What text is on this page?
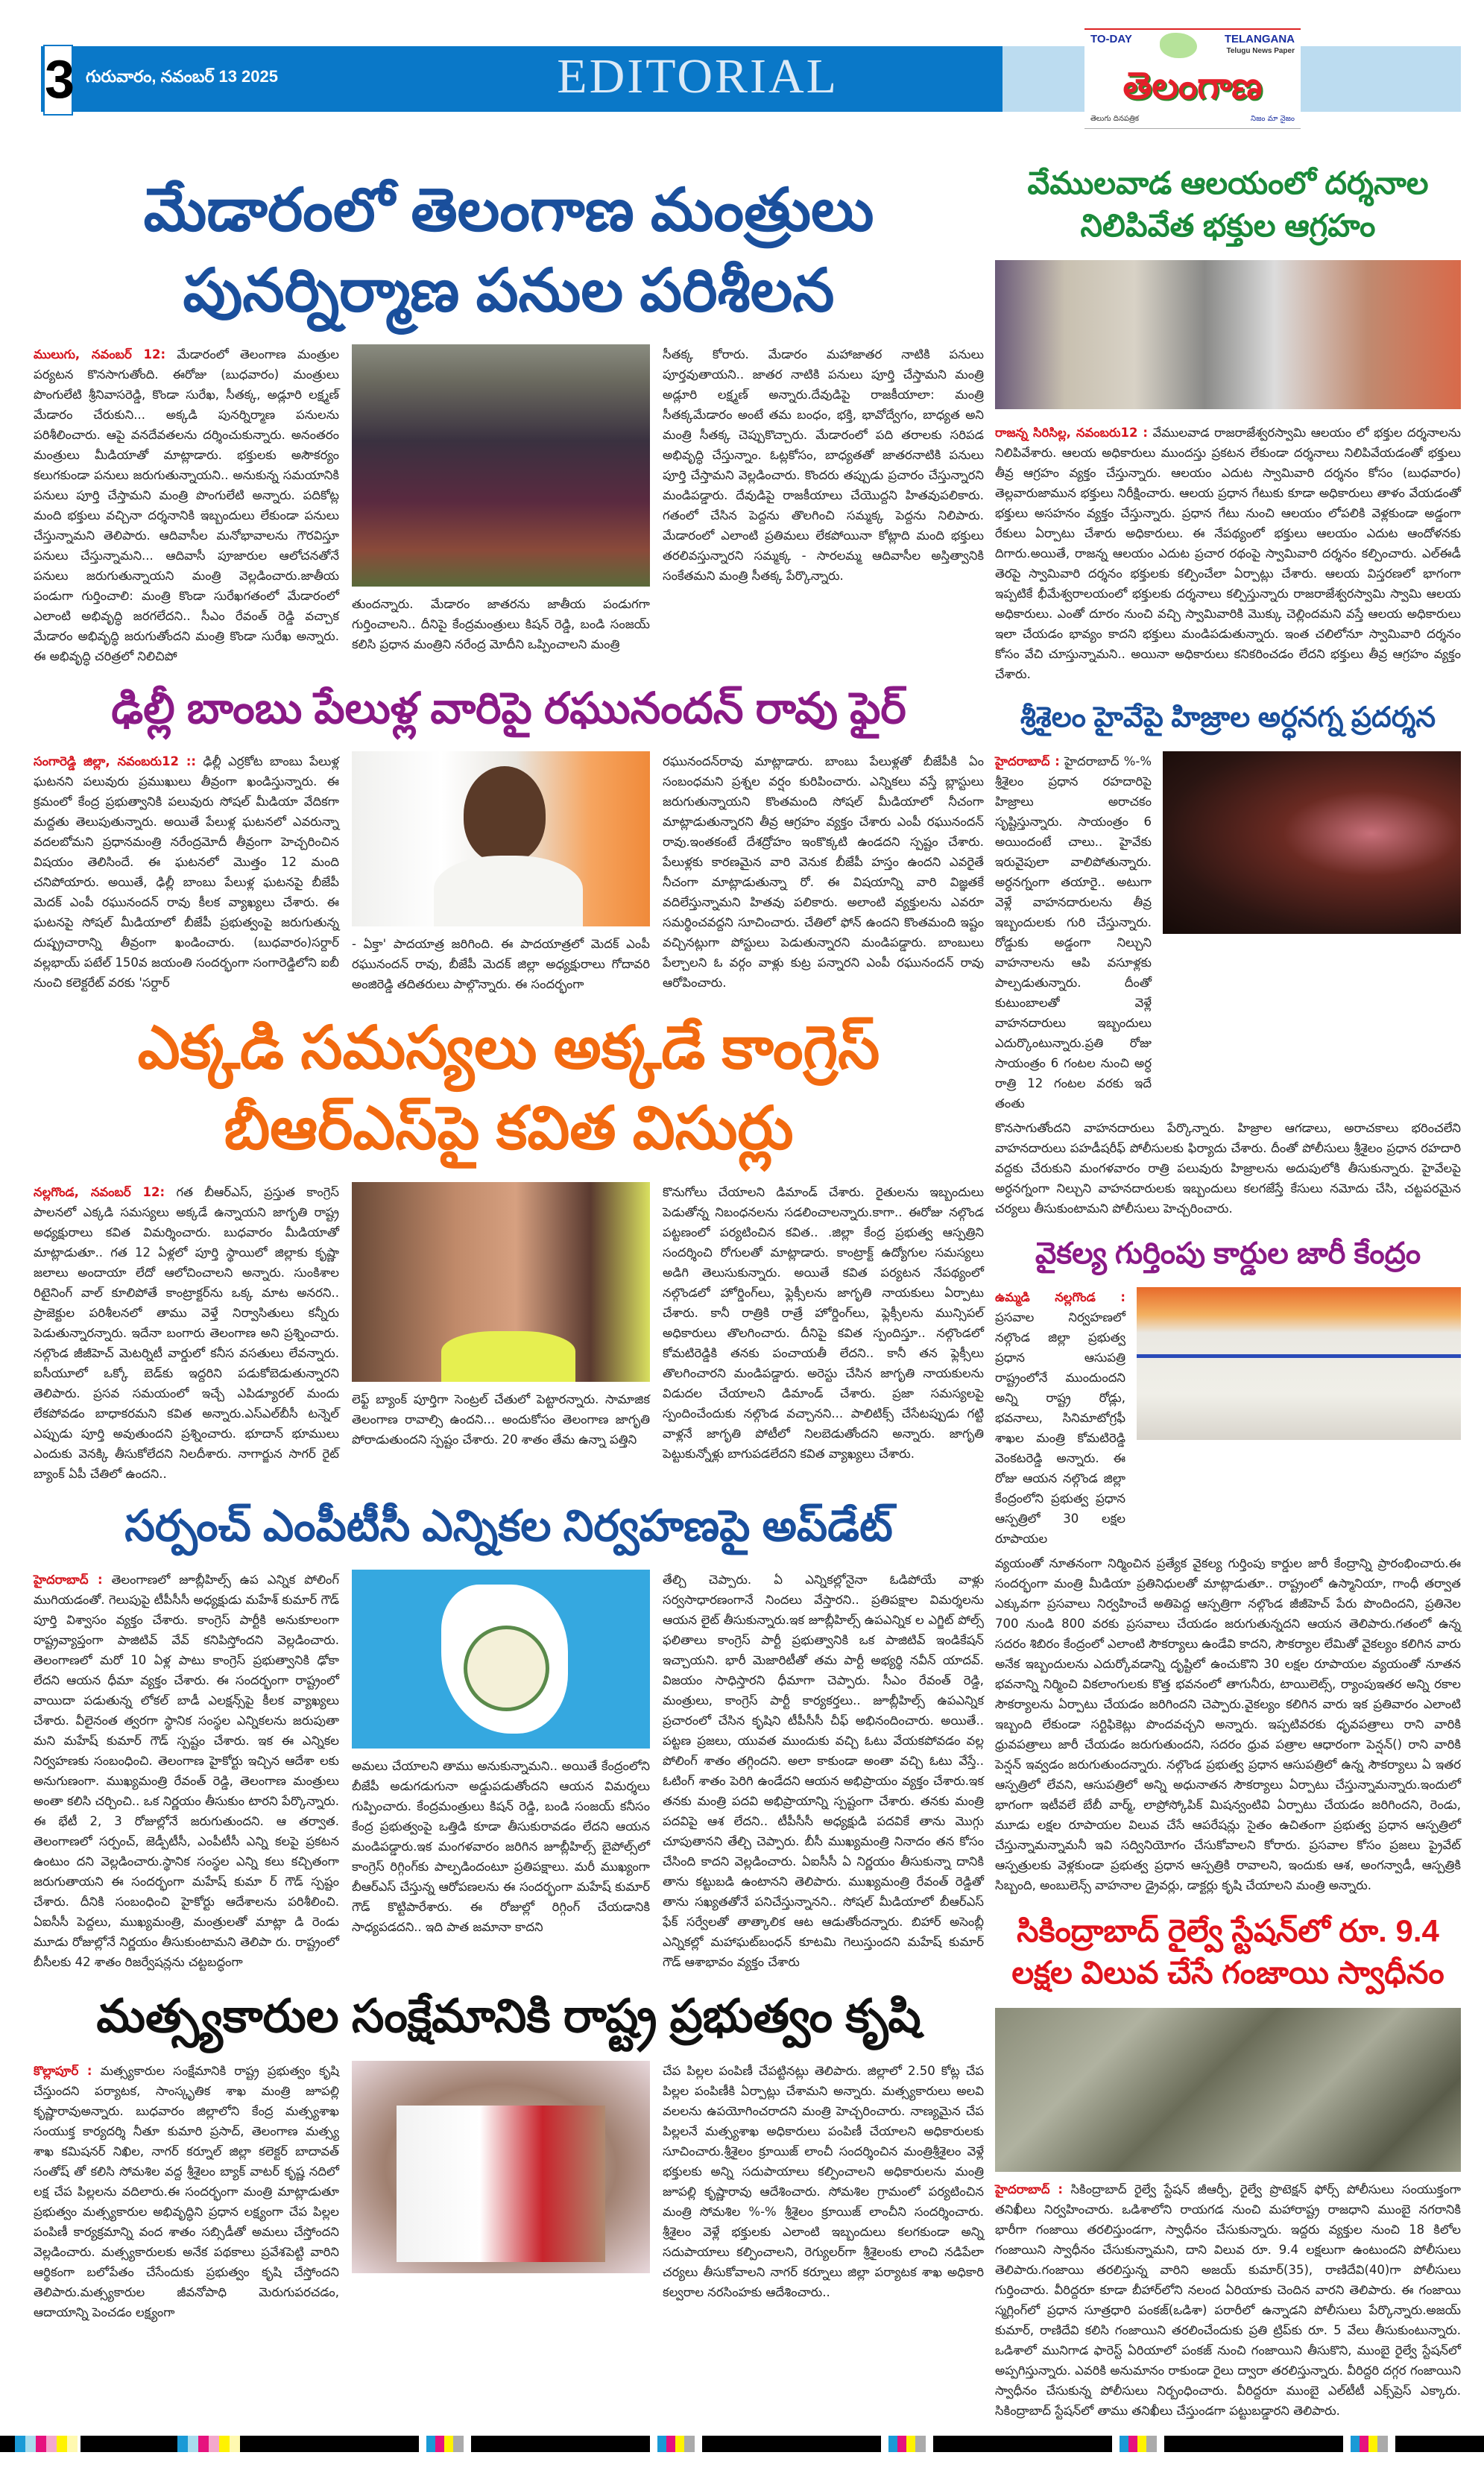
3 గురువారం, నవంబర్ 13 2025	EDITORIAL
TO-DAY	TELANGANA
Telugu News Paper
తెలంగాణ
తెలుగు దినపత్రిక	నిజం మా నైజం
మేడారంలో తెలంగాణ మంత్రులు
పునర్నిర్మాణ పనుల పరిశీలన
ములుగు, నవంబర్ 12: మేడారంలో తెలంగాణ మంత్రుల పర్యటన కొనసాగుతోంది. ఈరోజు (బుధవారం) మంత్రులు పొంగులేటి శ్రీనివాసరెడ్డి, కొండా సురేఖ, సీతక్క, అడ్లూరి లక్ష్మణ్ మేడారం చేరుకుని... అక్కడి పునర్నిర్మాణ పనులను పరిశీలించారు. ఆపై వనదేవతలను దర్శించుకున్నారు. అనంతరం మంత్రులు మీడియాతో మాట్లాడారు. భక్తులకు అసౌకర్యం కలుగకుండా పనులు జరుగుతున్నాయని.. అనుకున్న సమయానికి పనులు పూర్తి చేస్తామని మంత్రి పొంగులేటి అన్నారు. పదికోట్ల మంది భక్తులు వచ్చినా దర్శనానికి ఇబ్బందులు లేకుండా పనులు చేస్తున్నామని తెలిపారు. ఆదివాసీల మనోభావాలను గౌరవిస్తూ పనులు చేస్తున్నామని... ఆదివాసీ పూజారుల ఆలోచనతోనే పనులు జరుగుతున్నాయని మంత్రి వెల్లడించారు.జాతీయ పండుగా గుర్తించాలి: మంత్రి కొండా సురేఖగతంలో మేడారంలో ఎలాంటి అభివృద్ధి జరగలేదని.. సీఎం రేవంత్ రెడ్డి వచ్చాక మేడారం అభివృద్ధి జరుగుతోందని మంత్రి కొండా సురేఖ అన్నారు. ఈ అభివృద్ధి చరిత్రలో నిలిచిపో
తుందన్నారు. మేడారం జాతరను జాతీయ పండుగగా గుర్తించాలని.. దీనిపై కేంద్రమంత్రులు కిషన్ రెడ్డి, బండి సంజయ్ కలిసి ప్రధాన మంత్రిని నరేంద్ర మోదీని ఒప్పించాలని మంత్రి
సీతక్క కోరారు. మేడారం మహాజాతర నాటికి పనులు పూర్తవుతాయని.. జాతర నాటికి పనులు పూర్తి చేస్తామని మంత్రి అడ్లూరి లక్ష్మణ్ అన్నారు.దేవుడిపై రాజకీయాలా: మంత్రి సీతక్కమేడారం అంటే తమ బంధం, భక్తి, భావోద్వేగం, బాధ్యత అని మంత్రి సీతక్క చెప్పుకొచ్చారు. మేడారంలో పది తరాలకు సరిపడ అభివృద్ధి చేస్తున్నాం. ఓట్లకోసం, బాధ్యతతో జాతరనాటికి పనులు పూర్తి చేస్తామని వెల్లడించారు. కొందరు తప్పుడు ప్రచారం చేస్తున్నారని మండిపడ్డారు. దేవుడిపై రాజకీయాలు చేయొద్దని హితవుపలికారు. గతంలో చేసిన పెద్దను తొలగించి సమ్మక్క పెద్దను నిలిపారు. మేడారంలో ఎలాంటి ప్రతిమలు లేకపోయినా కోట్లాది మంది భక్తులు తరలివస్తున్నారని సమ్మక్క - సారలమ్మ ఆదివాసీల అస్తిత్వానికి సంకేతమని మంత్రి సీతక్క పేర్కొన్నారు.
ఢిల్లీ బాంబు పేలుళ్ల వారిపై రఘునందన్ రావు ఫైర్
సంగారెడ్డి జిల్లా, నవంబరు12 :: ఢిల్లీ ఎర్రకోట బాంబు పేలుళ్ల ఘటనని పలువురు ప్రముఖులు తీవ్రంగా ఖండిస్తున్నారు. ఈ క్రమంలో కేంద్ర ప్రభుత్వానికి పలువురు సోషల్ మీడియా వేదికగా మద్దతు తెలుపుతున్నారు. అయితే పేలుళ్ల ఘటనలో ఎవరున్నా వదలబోమని ప్రధానమంత్రి నరేంద్రమోదీ తీవ్రంగా హెచ్చరించిన విషయం తెలిసిందే. ఈ ఘటనలో మొత్తం 12 మంది చనిపోయారు. అయితే, ఢిల్లీ బాంబు పేలుళ్ల ఘటనపై బీజేపీ మెదక్ ఎంపీ రఘునందన్ రావు కీలక వ్యాఖ్యలు చేశారు. ఈ ఘటనపై సోషల్ మీడియాలో బీజేపీ ప్రభుత్వంపై జరుగుతున్న దుష్ప్రచారాన్ని తీవ్రంగా ఖండించారు. (బుధవారం)సర్దార్ వల్లభాయ్ పటేల్ 150వ జయంతి సందర్భంగా సంగారెడ్డిలోని ఐబీ నుంచి కలెక్టరేట్ వరకు 'సర్దార్
- ఏక్తా' పాదయాత్ర జరిగింది. ఈ పాదయాత్రలో మెదక్ ఎంపీ రఘునందన్ రావు, బీజేపీ మెదక్ జిల్లా అధ్యక్షురాలు గోదావరి అంజిరెడ్డి తదితరులు పాల్గొన్నారు. ఈ సందర్భంగా
రఘునందన్‌రావు మాట్లాడారు. బాంబు పేలుళ్లతో బీజేపీకి ఏం సంబంధమని ప్రశ్నల వర్షం కురిపించారు. ఎన్నికలు వస్తే బ్లాస్టులు జరుగుతున్నాయని కొంతమంది సోషల్ మీడియాలో నీచంగా మాట్లాడుతున్నారని తీవ్ర ఆగ్రహం వ్యక్తం చేశారు ఎంపీ రఘునందన్ రావు.ఇంతకంటే దేశద్రోహం ఇంకొక్కటి ఉండదని స్పష్టం చేశారు. పేలుళ్లకు కారణమైన వారి వెనుక బీజేపీ హస్తం ఉందని ఎవరైతే నీచంగా మాట్లాడుతున్నా రో. ఈ విషయాన్ని వారి విజ్ఞతకే వదిలేస్తున్నామని హితవు పలికారు. అలాంటి వ్యక్తులను ఎవరూ సమర్థించవద్దని సూచించారు. చేతిలో ఫోన్ ఉందని కొంతమంది ఇష్టం వచ్చినట్లుగా పోస్టులు పెడుతున్నారని మండిపడ్డారు. బాంబులు పేల్చాలని ఓ వర్గం వాళ్లు కుట్ర పన్నారని ఎంపీ రఘునందన్ రావు ఆరోపించారు.
ఎక్కడి సమస్యలు అక్కడే కాంగ్రెస్
బీఆర్‌ఎస్‌పై కవిత విసుర్లు
నల్లగొండ, నవంబర్ 12: గత బీఆర్ఎస్, ప్రస్తుత కాంగ్రెస్ పాలనలో ఎక్కడి సమస్యలు అక్కడే ఉన్నాయని జాగృతి రాష్ట్ర అధ్యక్షురాలు కవిత విమర్శించారు. బుధవారం మీడియాతో మాట్లాడుతూ.. గత 12 ఏళ్లలో పూర్తి స్థాయిలో జిల్లాకు కృష్ణా జలాలు అందాయా లేదో ఆలోచించాలని అన్నారు. సుంకిశాల రిటైనింగ్ వాల్ కూలిపోతే కాంట్రాక్టర్‌ను ఒక్క మాట అనరని.. ప్రాజెక్టుల పరిశీలనలో తాము వెళ్తే నిర్వాసితులు కన్నీరు పెడుతున్నారన్నారు. ఇదేనా బంగారు తెలంగాణ అని ప్రశ్నించారు. నల్గొండ జీజీహెచ్ మెటర్నిటీ వార్డులో కనీస వసతులు లేవన్నారు. ఐసీయూలో ఒక్కో బెడ్‌కు ఇద్దరిని పడుకోబెడుతున్నారని తెలిపారు. ప్రసవ సమయంలో ఇచ్చే ఎపిడ్యూరల్ మందు లేకపోవడం బాధాకరమని కవిత అన్నారు.ఎస్ఎల్‌బీసీ టన్నెల్ ఎప్పుడు పూర్తి అవుతుందని ప్రశ్నించారు. భూదాన్ భూములు ఎందుకు వెనక్కి తీసుకోలేదని నిలదీశారు. నాగార్జున సాగర్ రైట్ బ్యాంక్ ఏపీ చేతిలో ఉందని..
లెఫ్ట్ బ్యాంక్ పూర్తిగా సెంట్రల్ చేతులో పెట్టారన్నారు. సామాజిక తెలంగాణ రావాల్సి ఉందని... అందుకోసం తెలంగాణ జాగృతి పోరాడుతుందని స్పష్టం చేశారు. 20 శాతం తేమ ఉన్నా పత్తిని
కొనుగోలు చేయాలని డిమాండ్ చేశారు. రైతులను ఇబ్బందులు పెడుతోన్న నిబంధనలను సడలించాలన్నారు.కాగా.. ఈరోజు నల్గొండ పట్టణంలో పర్యటించిన కవిత.. .జిల్లా కేంద్ర ప్రభుత్వ ఆస్పత్రిని సందర్శించి రోగులతో మాట్లాడారు. కాంట్రాక్ట్ ఉద్యోగుల సమస్యలు అడిగి తెలుసుకున్నారు. అయితే కవిత పర్యటన నేపథ్యంలో నల్గొండలో హోర్డింగ్‌లు, ఫ్లెక్సీలను జాగృతి నాయకులు ఏర్పాటు చేశారు. కానీ రాత్రికి రాత్రే హోర్డింగ్‌లు, ఫ్లెక్సీలను మున్సిపల్ అధికారులు తొలగించారు. దీనిపై కవిత స్పందిస్తూ.. నల్గొండలో కోమటిరెడ్డికి తనకు పంచాయతీ లేదని.. కానీ తన ఫ్లెక్సీలు తొలగించారని మండిపడ్డారు. అరెస్టు చేసిన జాగృతి నాయకులను విడుదల చేయాలని డిమాండ్ చేశారు. ప్రజా సమస్యలపై స్పందించేందుకు నల్గొండ వచ్చానని... పాలిటిక్స్ చేసేటప్పుడు గట్టి వాళ్లనే జాగృతి పోటీలో నిలబెడుతోందని అన్నారు. జాగృతి పెట్టుకున్నోళ్లు బాగుపడలేదని కవిత వ్యాఖ్యలు చేశారు.
సర్పంచ్ ఎంపీటీసీ ఎన్నికల నిర్వహణపై అప్‌డేట్
హైదరాబాద్ : తెలంగాణలో జూబ్లీహిల్స్ ఉప ఎన్నిక పోలింగ్ ముగియడంతో. గెలుపుపై టీపీసీసీ అధ్యక్షుడు మహేశ్ కుమార్ గౌడ్ పూర్తి విశ్వాసం వ్యక్తం చేశారు. కాంగ్రెస్ పార్టీకి అనుకూలంగా రాష్ట్రవ్యాప్తంగా పాజిటివ్ వేవ్ కనిపిస్తోందని వెల్లడించారు. తెలంగాణలో మరో 10 ఏళ్ల పాటు కాంగ్రెస్ ప్రభుత్వానికి ఢోకా లేదని ఆయన ధీమా వ్యక్తం చేశారు. ఈ సందర్భంగా రాష్ట్రంలో వాయిదా పడుతున్న లోకల్ బాడీ ఎలక్షన్స్‌పై కీలక వ్యాఖ్యలు చేశారు. వీలైనంత త్వరగా స్థానిక సంస్థల ఎన్నికలను జరుపుతా మని మహేష్ కుమార్ గౌడ్ స్పష్టం చేశారు. ఇక ఈ ఎన్నికల నిర్వహణకు సంబంధించి. తెలంగాణ హైకోర్టు ఇచ్చిన ఆదేశా లకు అనుగుణంగా. ముఖ్యమంత్రి రేవంత్ రెడ్డి, తెలంగాణ మంత్రులు అంతా కలిసి చర్చించి.. ఒక నిర్ణయం తీసుకుం టారని పేర్కొన్నారు. ఈ భేటీ 2, 3 రోజుల్లోనే జరుగుతుందని. ఆ తర్వాత. తెలంగాణలో సర్పంచ్, జెడ్పీటీసీ, ఎంపీటీసీ ఎన్ని కలపై ప్రకటన ఉంటుం దని వెల్లడించారు.స్థానిక సంస్థల ఎన్ని కలు కచ్చితంగా జరుగుతాయని ఈ సందర్భంగా మహేష్ కుమా ర్ గౌడ్ స్పష్టం చేశారు. దీనికి సంబంధించి హైకోర్టు ఆదేశాలను పరిశీలించి. ఏఐసీసీ పెద్దలు, ముఖ్యమంత్రి, మంత్రులతో మాట్లా డి రెండు మూడు రోజుల్లోనే నిర్ణయం తీసుకుంటామని తెలిపా రు. రాష్ట్రంలో బీసీలకు 42 శాతం రిజర్వేషన్లను చట్టబద్ధంగా
అమలు చేయాలని తాము అనుకున్నామని.. అయితే కేంద్రంలోని బీజేపీ అడుగడుగునా అడ్డుపడుతోందని ఆయన విమర్శలు గుప్పించారు. కేంద్రమంత్రులు కిషన్ రెడ్డి, బండి సంజయ్ కనీసం కేంద్ర ప్రభుత్వంపై ఒత్తిడి కూడా తీసుకురావడం లేదని ఆయన మండిపడ్డారు.ఇక మంగళవారం జరిగిన జూబ్లీహిల్స్ బైపోల్స్‌లో కాంగ్రెస్ రిగ్గింగ్‌కు పాల్పడిందంటూ ప్రతిపక్షాలు. మరీ ముఖ్యంగా బీఆర్ఎస్ చేస్తున్న ఆరోపణలను ఈ సందర్భంగా మహేష్ కుమార్ గౌడ్ కొట్టిపారేశారు. ఈ రోజుల్లో రిగ్గింగ్ చేయడానికి సాధ్యపడదని.. ఇది పాత జమానా కాదని
తేల్చి చెప్పారు. ఏ ఎన్నికల్లోనైనా ఓడిపోయే వాళ్లు సర్వసాధారణంగానే నిందలు వేస్తారని.. ప్రతిపక్షాల విమర్శలను ఆయన లైట్ తీసుకున్నారు.ఇక జూబ్లీహిల్స్ ఉపఎన్నిక ల ఎగ్జిట్ పోల్స్ ఫలితాలు కాంగ్రెస్ పార్టీ ప్రభుత్వానికి ఒక పాజిటివ్ ఇండికేషన్ ఇచ్చాయని. భారీ మెజారిటీతో తమ పార్టీ అభ్యర్థి నవీన్ యాదవ్. విజయం సాధిస్తారని ధీమాగా చెప్పారు. సీఎం రేవంత్ రెడ్డి, మంత్రులు, కాంగ్రెస్ పార్టీ కార్యకర్తలు.. జూబ్లీహిల్స్ ఉపఎన్నిక ప్రచారంలో చేసిన కృషిని టీపీసీసీ చీఫ్ అభినందించారు. అయితే.. పట్టణ ప్రజలు, యువత ముందుకు వచ్చి ఓటు వేయకపోవడం వల్ల పోలింగ్ శాతం తగ్గిందని. అలా కాకుండా అంతా వచ్చి ఓటు వేస్తే.. ఓటింగ్ శాతం పెరిగి ఉండేదని ఆయన అభిప్రాయం వ్యక్తం చేశారు.ఇక తనకు మంత్రి పదవి అభిప్రాయాన్ని స్పష్టంగా చేశారు. తనకు మంత్రి పదవిపై ఆశ లేదని.. టీపీసీసీ అధ్యక్షుడి పదవికే తాను మొగ్గు చూపుతానని తేల్చి చెప్పారు. బీసీ ముఖ్యమంత్రి నినాదం తన కోసం చేసింది కాదని వెల్లడించారు. ఏఐసీసీ ఏ నిర్ణయం తీసుకున్నా దానికి తాను కట్టుబడి ఉంటానని తెలిపారు. ముఖ్యమంత్రి రేవంత్ రెడ్డితో తాను సఖ్యతతోనే పనిచేస్తున్నానని.. సోషల్ మీడియాలో బీఆర్ఎస్ ఫేక్ సర్వేలతో తాత్కాలిక ఆట ఆడుతోందన్నారు. బిహార్ అసెంబ్లీ ఎన్నికల్లో మహాఘట్‌బంధన్ కూటమి గెలుస్తుందని మహేష్ కుమార్ గౌడ్ ఆశాభావం వ్యక్తం చేశారు
మత్స్యకారుల సంక్షేమానికి రాష్ట్ర ప్రభుత్వం కృషి
కొల్లాపూర్ : మత్స్యకారుల సంక్షేమానికి రాష్ట్ర ప్రభుత్వం కృషి చేస్తుందని పర్యాటక, సాంస్కృతిక శాఖ మంత్రి జూపల్లి కృష్ణారావుఅన్నారు. బుధవారం జిల్లాలోని కేంద్ర మత్స్యశాఖ సంయుక్త కార్యదర్శి నీతూ కుమారి ప్రసాద్, తెలంగాణ మత్స్య శాఖ కమిషనర్ నిఖిల, నాగర్ కర్నూల్ జిల్లా కలెక్టర్ బాదావత్ సంతోష్ తో కలిసి సోమశిల వద్ద శ్రీశైలం బ్యాక్ వాటర్ కృష్ణ నదిలో లక్ష చేప పిల్లలను వదిలారు.ఈ సందర్భంగా మంత్రి మాట్లాడుతూ ప్రభుత్వం మత్స్యకారుల అభివృద్ధిని ప్రధాన లక్ష్యంగా చేప పిల్లల పంపిణీ కార్యక్రమాన్ని వంద శాతం సబ్సిడీతో అమలు చేస్తోందని వెల్లడించారు. మత్స్యకారులకు అనేక పథకాలు ప్రవేశపెట్టి వారిని ఆర్థికంగా బలోపేతం చేసేందుకు ప్రభుత్వం కృషి చేస్తోందని తెలిపారు.మత్స్యకారుల జీవనోపాధి మెరుగుపరచడం, ఆదాయాన్ని పెంచడం లక్ష్యంగా
చేప పిల్లల పంపిణీ చేపట్టినట్లు తెలిపారు. జిల్లాలో 2.50 కోట్ల చేప పిల్లల పంపిణీకి ఏర్పాట్లు చేశామని అన్నారు. మత్స్యకారులు అలవి వలలను ఉపయోగించరాదని మంత్రి హెచ్చరించారు. నాణ్యమైన చేప పిల్లలనే మత్స్యశాఖ అధికారులు పంపిణీ చేయాలని అధికారులకు సూచించారు.శ్రీశైలం క్రూయిజ్ లాంచీ సందర్శించిన మంత్రిశ్రీశైలం వెళ్లే భక్తులకు అన్ని సదుపాయాలు కల్పించాలని అధికారులను మంత్రి జూపల్లి కృష్ణారావు ఆదేశించారు. సోమశిల గ్రామంలో పర్యటించిన మంత్రి సోమశిల %-% శ్రీశైలం క్రూయిజ్ లాంచీని సందర్శించారు. శ్రీశైలం వెళ్లే భక్తులకు ఎలాంటి ఇబ్బందులు కలగకుండా అన్ని సదుపాయాలు కల్పించాలని, రెగ్యులర్‌గా శ్రీశైలంకు లాంచి నడిపేలా చర్యలు తీసుకోవాలని నాగర్ కర్నూలు జిల్లా పర్యాటక శాఖ అధికారి కల్వరాల నరసింహకు ఆదేశించారు..
వేములవాడ ఆలయంలో దర్శనాల
నిలిపివేత భక్తుల ఆగ్రహం
రాజన్న సిరిసిల్ల, నవంబరు12 : వేములవాడ రాజరాజేశ్వరస్వామి ఆలయం లో భక్తుల దర్శనాలను నిలిపివేశారు. ఆలయ అధికారులు ముందస్తు ప్రకటన లేకుండా దర్శనాలు నిలిపివేయడంతో భక్తులు తీవ్ర ఆగ్రహం వ్యక్తం చేస్తున్నారు. ఆలయం ఎదుట స్వామివారి దర్శనం కోసం (బుధవారం) తెల్లవారుజామున భక్తులు నిరీక్షించారు. ఆలయ ప్రధాన గేటుకు కూడా అధికారులు తాళం వేయడంతో భక్తులు అసహనం వ్యక్తం చేస్తున్నారు. ప్రధాన గేటు నుంచి ఆలయం లోపలికి వెళ్లకుండా అడ్డంగా రేకులు ఏర్పాటు చేశారు అధికారులు. ఈ నేపథ్యంలో భక్తులు ఆలయం ఎదుట ఆందోళనకు దిగారు.అయితే, రాజన్న ఆలయం ఎదుట ప్రచార రథంపై స్వామివారి దర్శనం కల్పించారు. ఎల్ఈడీ తెరపై స్వామివారి దర్శనం భక్తులకు కల్పించేలా ఏర్పాట్లు చేశారు. ఆలయ విస్తరణలో భాగంగా ఇప్పటికే భీమేశ్వరాలయంలో భక్తులకు దర్శనాలు కల్పిస్తున్నారు రాజరాజేశ్వరస్వామి స్వామి ఆలయ అధికారులు. ఎంతో దూరం నుంచి వచ్చి స్వామివారికి మొక్కు చెల్లిందమని వస్తే ఆలయ అధికారులు ఇలా చేయడం భావ్యం కాదని భక్తులు మండిపడుతున్నారు. ఇంత చలిలోనూ స్వామివారి దర్శనం కోసం వేచి చూస్తున్నామని.. అయినా అధికారులు కనికరించడం లేదని భక్తులు తీవ్ర ఆగ్రహం వ్యక్తం చేశారు.
శ్రీశైలం హైవేపై హిజ్రాల అర్ధనగ్న ప్రదర్శన
హైదరాబాద్ : హైదరాబాద్ %-% శ్రీశైలం ప్రధాన రహదారిపై హిజ్రాలు అరాచకం సృష్టిస్తున్నారు. సాయంత్రం 6 అయిందంటే చాలు.. హైవేకు ఇరువైపులా వాలిపోతున్నారు. అర్ధనగ్నంగా తయారై.. అటుగా వెళ్లే వాహనదారులను తీవ్ర ఇబ్బందులకు గురి చేస్తున్నారు. రోడ్డుకు అడ్డంగా నిల్చుని వాహనాలను ఆపి వసూళ్లకు పాల్పడుతున్నారు. దీంతో కుటుంబాలతో వెళ్లే వాహనదారులు ఇబ్బందులు ఎదుర్కొంటున్నారు.ప్రతి రోజు సాయంత్రం 6 గంటల నుంచి అర్ధ రాత్రి 12 గంటల వరకు ఇదే తంతు
కొనసాగుతోందని వాహనదారులు పేర్కొన్నారు. హిజ్రాల ఆగడాలు, అరాచకాలు భరించలేని వాహనదారులు పహడీషరీఫ్ పోలీసులకు ఫిర్యాదు చేశారు. దీంతో పోలీసులు శ్రీశైలం ప్రధాన రహదారి వద్దకు చేరుకుని మంగళవారం రాత్రి పలువురు హిజ్రాలను అదుపులోకి తీసుకున్నారు. హైవేలపై అర్ధనగ్నంగా నిల్చుని వాహనదారులకు ఇబ్బందులు కలగజేస్తే కేసులు నమోదు చేసి, చట్టపరమైన చర్యలు తీసుకుంటామని పోలీసులు హెచ్చరించారు.
వైకల్య గుర్తింపు కార్డుల జారీ కేంద్రం
ఉమ్మడి నల్లగొండ : ప్రసవాల నిర్వహణలో నల్గొండ జిల్లా ప్రభుత్వ ప్రధాన ఆసుపత్రి రాష్ట్రంలోనే ముందుందని అన్ని రాష్ట్ర రోడ్లు, భవనాలు, సినిమాటోగ్రఫీ శాఖల మంత్రి కోమటిరెడ్డి వెంకటరెడ్డి అన్నారు. ఈ రోజు ఆయన నల్గొండ జిల్లా కేంద్రంలోని ప్రభుత్వ ప్రధాన ఆస్పత్రిలో 30 లక్షల రూపాయల
వ్యయంతో నూతనంగా నిర్మించిన ప్రత్యేక వైకల్య గుర్తింపు కార్డుల జారీ కేంద్రాన్ని ప్రారంభించారు.ఈ సందర్భంగా మంత్రి మీడియా ప్రతినిధులతో మాట్లాడుతూ.. రాష్ట్రంలో ఉస్మానియా, గాంధీ తర్వాత ఎక్కువగా ప్రసవాలు నిర్వహించే అతిపెద్ద ఆస్పత్రిగా నల్గొండ జీజీహెచ్ పేరు పొందిందని, ప్రతినెల 700 నుండి 800 వరకు ప్రసవాలు చేయడం జరుగుతున్నదని ఆయన తెలిపారు.గతంలో ఉన్న సదరం శిబిరం కేంద్రంలో ఎలాంటి సౌకర్యాలు ఉండేవి కాదని, సౌకర్యాల లేమితో వైకల్యం కలిగిన వారు అనేక ఇబ్బందులను ఎదుర్కోవడాన్ని దృష్టిలో ఉంచుకొని 30 లక్షల రూపాయల వ్యయంతో నూతన భవనాన్ని నిర్మించి వికలాంగులకు కొత్త భవనంలో తాగునీరు, టాయిలెట్స్, ర్యాంపుఇతర అన్ని రకాల సౌకర్యాలను ఏర్పాటు చేయడం జరిగిందని చెప్పారు.వైకల్యం కలిగిన వారు ఇక ప్రతివారం ఎలాంటి ఇబ్బంది లేకుండా సర్టిఫికెట్లు పొందవచ్చని అన్నారు. ఇప్పటివరకు ధృవపత్రాలు రాని వారికి ధ్రువపత్రాలు జారీ చేయడం జరుగుతుందని, సదరం ధ్రువ పత్రాల ఆధారంగా పెన్షన్() రాని వారికి పెన్షన్ ఇవ్వడం జరుగుతుందన్నారు. నల్గొండ ప్రభుత్వ ప్రధాన ఆసుపత్రిలో ఉన్న సౌకర్యాలు ఏ ఇతర ఆస్పత్రిలో లేవని, ఆసుపత్రిలో అన్ని అధునాతన సౌకర్యాలు ఏర్పాటు చేస్తున్నామన్నారు.ఇందులో భాగంగా ఇటీవలే బేబీ వార్మ్, లాప్రోస్కోపిక్ మిషన్వంటివి ఏర్పాటు చేయడం జరిగిందని, రెండు, మూడు లక్షల రూపాయల విలువ చేసే ఆపరేషన్లు సైతం ఉచితంగా ప్రభుత్వ ప్రధాన ఆస్పత్రిలో చేస్తున్నామన్నామనీ ఇవి సద్వినియోగం చేసుకోవాలని కోరారు. ప్రసవాల కోసం ప్రజలు ప్రైవేట్ ఆస్పత్రులకు వెళ్లకుండా ప్రభుత్వ ప్రధాన ఆస్పత్రికి రావాలని, ఇందుకు ఆశ, అంగన్వాడీ, ఆస్పత్రికి సిబ్బంది, అంబులెన్స్ వాహనాల డ్రైవర్లు, డాక్టర్లు కృషి చేయాలని మంత్రి అన్నారు.
సికింద్రాబాద్ రైల్వే స్టేషన్‌లో రూ. 9.4
లక్షల విలువ చేసే గంజాయి స్వాధీనం
హైదరాబాద్ : సికింద్రాబాద్ రైల్వే స్టేషన్ జీఆర్పీ, రైల్వే ప్రొటెక్షన్ ఫోర్స్ పోలీసులు సంయుక్తంగా తనిఖీలు నిర్వహించారు. ఒడిశాలోని రాయగడ నుంచి మహారాష్ట్ర రాజధాని ముంబై నగరానికి భారీగా గంజాయి తరలిస్తుండగా, స్వాధీనం చేసుకున్నారు. ఇద్దరు వ్యక్తుల నుంచి 18 కిలోల గంజాయిని స్వాధీనం చేసుకున్నామని, దాని విలువ రూ. 9.4 లక్షలుగా ఉంటుందని పోలీసులు తెలిపారు.గంజాయి తరలిస్తున్న వారిని అజయ్ కుమార్(35), రాణిదేవి(40)గా పోలీసులు గుర్తించారు. వీరిద్దరూ కూడా బీహార్‌లోని నలంద ఏరియాకు చెందిన వారని తెలిపారు. ఈ గంజాయి స్మగ్లింగ్‌లో ప్రధాన సూత్రధారి పంకజ్(ఒడిశా) పరారీలో ఉన్నాడని పోలీసులు పేర్కొన్నారు.అజయ్ కుమార్, రాణిదేవి కలిసి గంజాయిని తరలించేందుకు ప్రతి ట్రిప్‌కు రూ. 5 వేలు తీసుకుంటున్నారు. ఒడిశాలో మునిగాడ ఫారెస్ట్ ఏరియాలో పంకజ్ నుంచి గంజాయిని తీసుకొని, ముంబై రైల్వే స్టేషన్‌లో అప్పగిస్తున్నారు. ఎవరికి అనుమానం రాకుండా రైలు ద్వారా తరలిస్తున్నారు. వీరిద్దరి దగ్గర గంజాయిని స్వాధీనం చేసుకున్న పోలీసులు నిర్బంధించారు. వీరిద్దరూ ముంబై ఎల్‌టీటీ ఎక్స్‌ప్రెస్ ఎక్కారు. సికింద్రాబాద్ స్టేషన్‌లో తాము తనిఖీలు చేస్తుండగా పట్టుబడ్డారని తెలిపారు.
